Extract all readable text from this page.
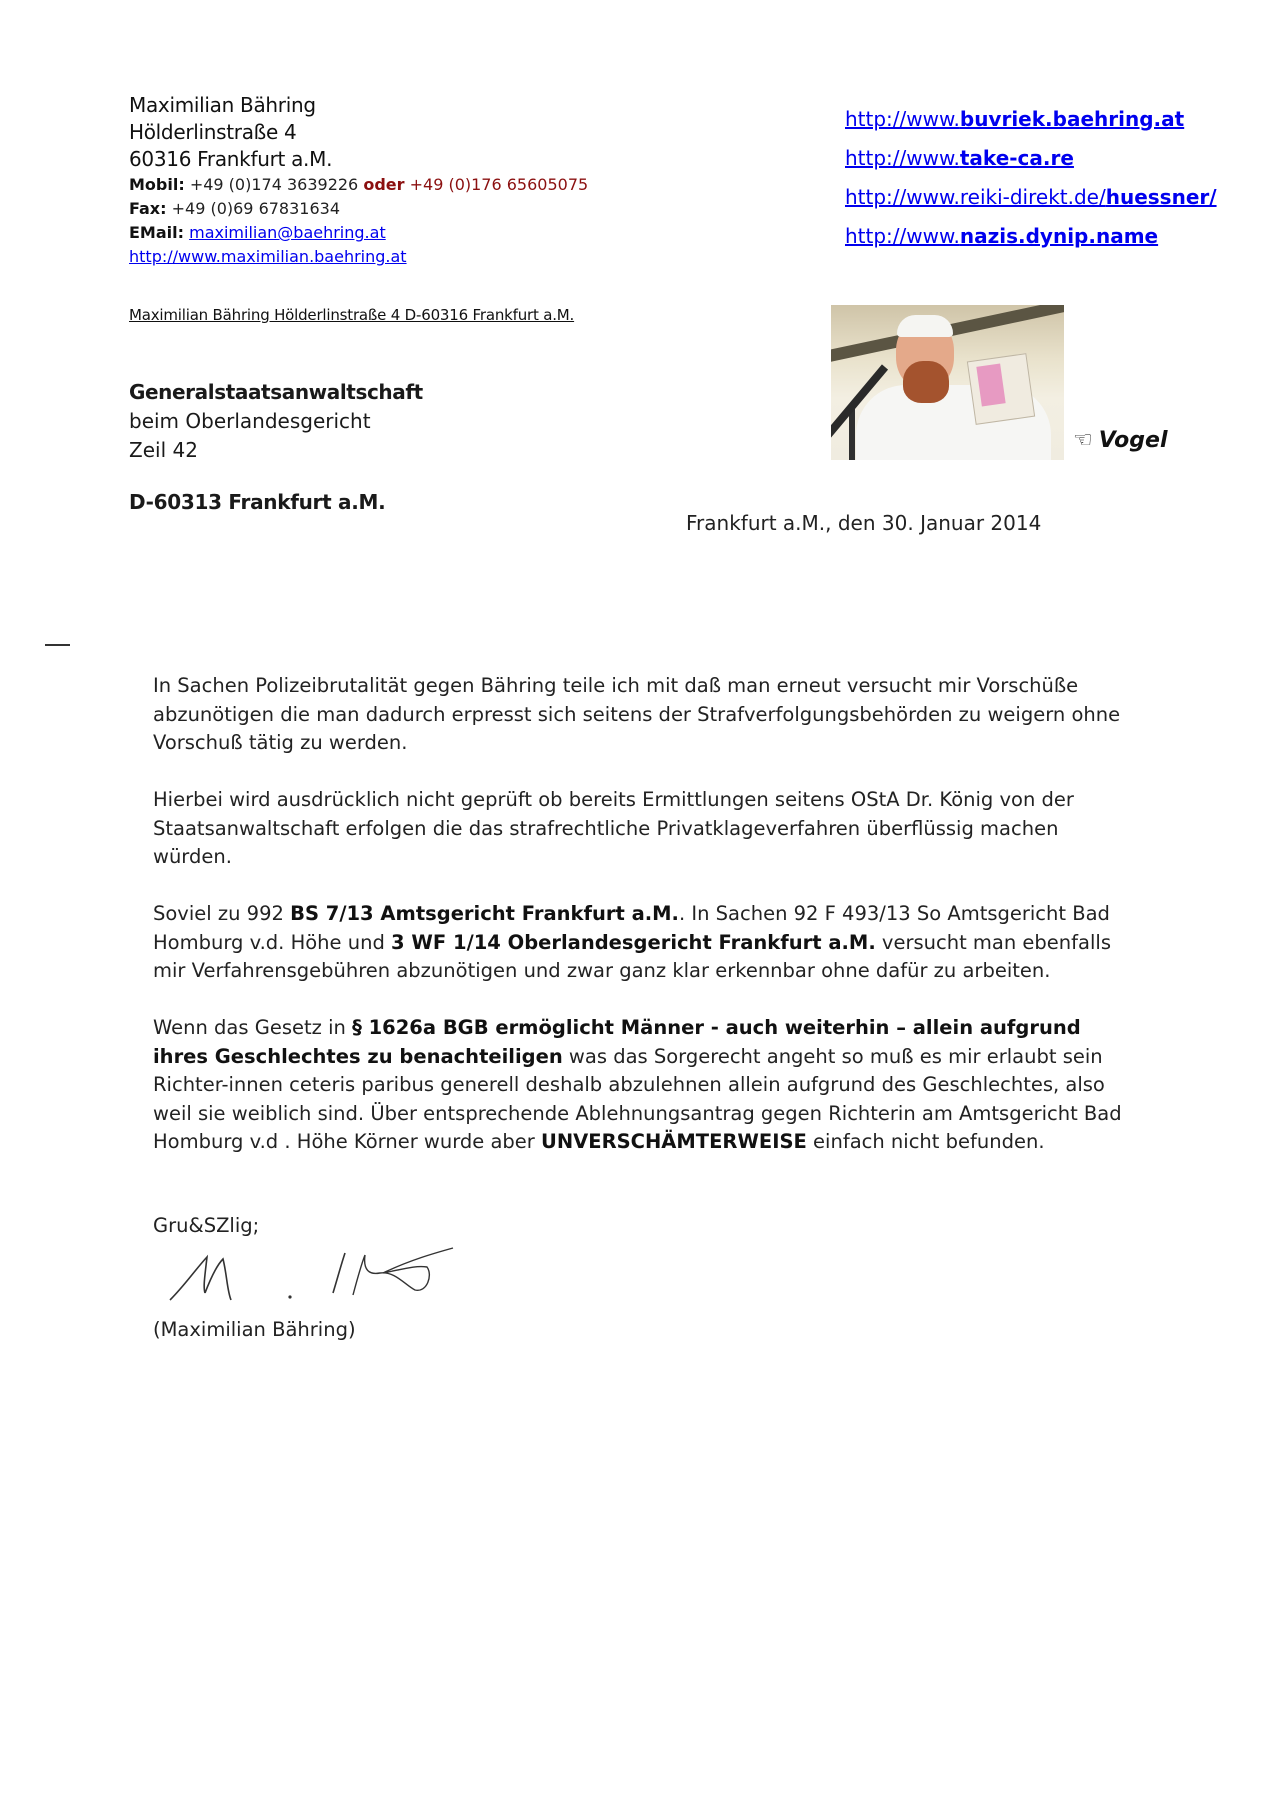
Maximilian Bähring
Hölderlinstraße 4
60316 Frankfurt a.M.
Mobil: +49 (0)174 3639226 oder +49 (0)176 65605075
Fax: +49 (0)69 67831634
EMail: maximilian@baehring.at
http://www.maximilian.baehring.at
http://www.buvriek.baehring.at
http://www.take-ca.re
http://www.reiki-direkt.de/huessner/
http://www.nazis.dynip.name
Maximilian Bähring Hölderlinstraße 4 D-60316 Frankfurt a.M.
Generalstaatsanwaltschaft
beim Oberlandesgericht
Zeil 42
D-60313 Frankfurt a.M.
☜ Vogel
Frankfurt a.M., den 30. Januar 2014

In Sachen Polizeibrutalität gegen Bähring teile ich mit daß man erneut versucht mir Vorschüße abzunötigen die man dadurch erpresst sich seitens der Strafverfolgungsbehörden zu weigern ohne Vorschuß tätig zu werden.

Hierbei wird ausdrücklich nicht geprüft ob bereits Ermittlungen seitens OStA Dr. König von der Staatsanwaltschaft erfolgen die das strafrechtliche Privatklageverfahren überflüssig machen würden.

Soviel zu 992 BS 7/13 Amtsgericht Frankfurt a.M.. In Sachen 92 F 493/13 So Amtsgericht Bad Homburg v.d. Höhe und 3 WF 1/14 Oberlandesgericht Frankfurt a.M. versucht man ebenfalls mir Verfahrensgebühren abzunötigen und zwar ganz klar erkennbar ohne dafür zu arbeiten.

Wenn das Gesetz in § 1626a BGB ermöglicht Männer - auch weiterhin – allein aufgrund ihres Geschlechtes zu benachteiligen was das Sorgerecht angeht so muß es mir erlaubt sein Richter-innen ceteris paribus generell deshalb abzulehnen allein aufgrund des Geschlechtes, also weil sie weiblich sind. Über entsprechende Ablehnungsantrag gegen Richterin am Amtsgericht Bad Homburg v.d . Höhe Körner wurde aber UNVERSCHÄMTERWEISE einfach nicht befunden.

Gru&SZlig;
(Maximilian Bähring)
